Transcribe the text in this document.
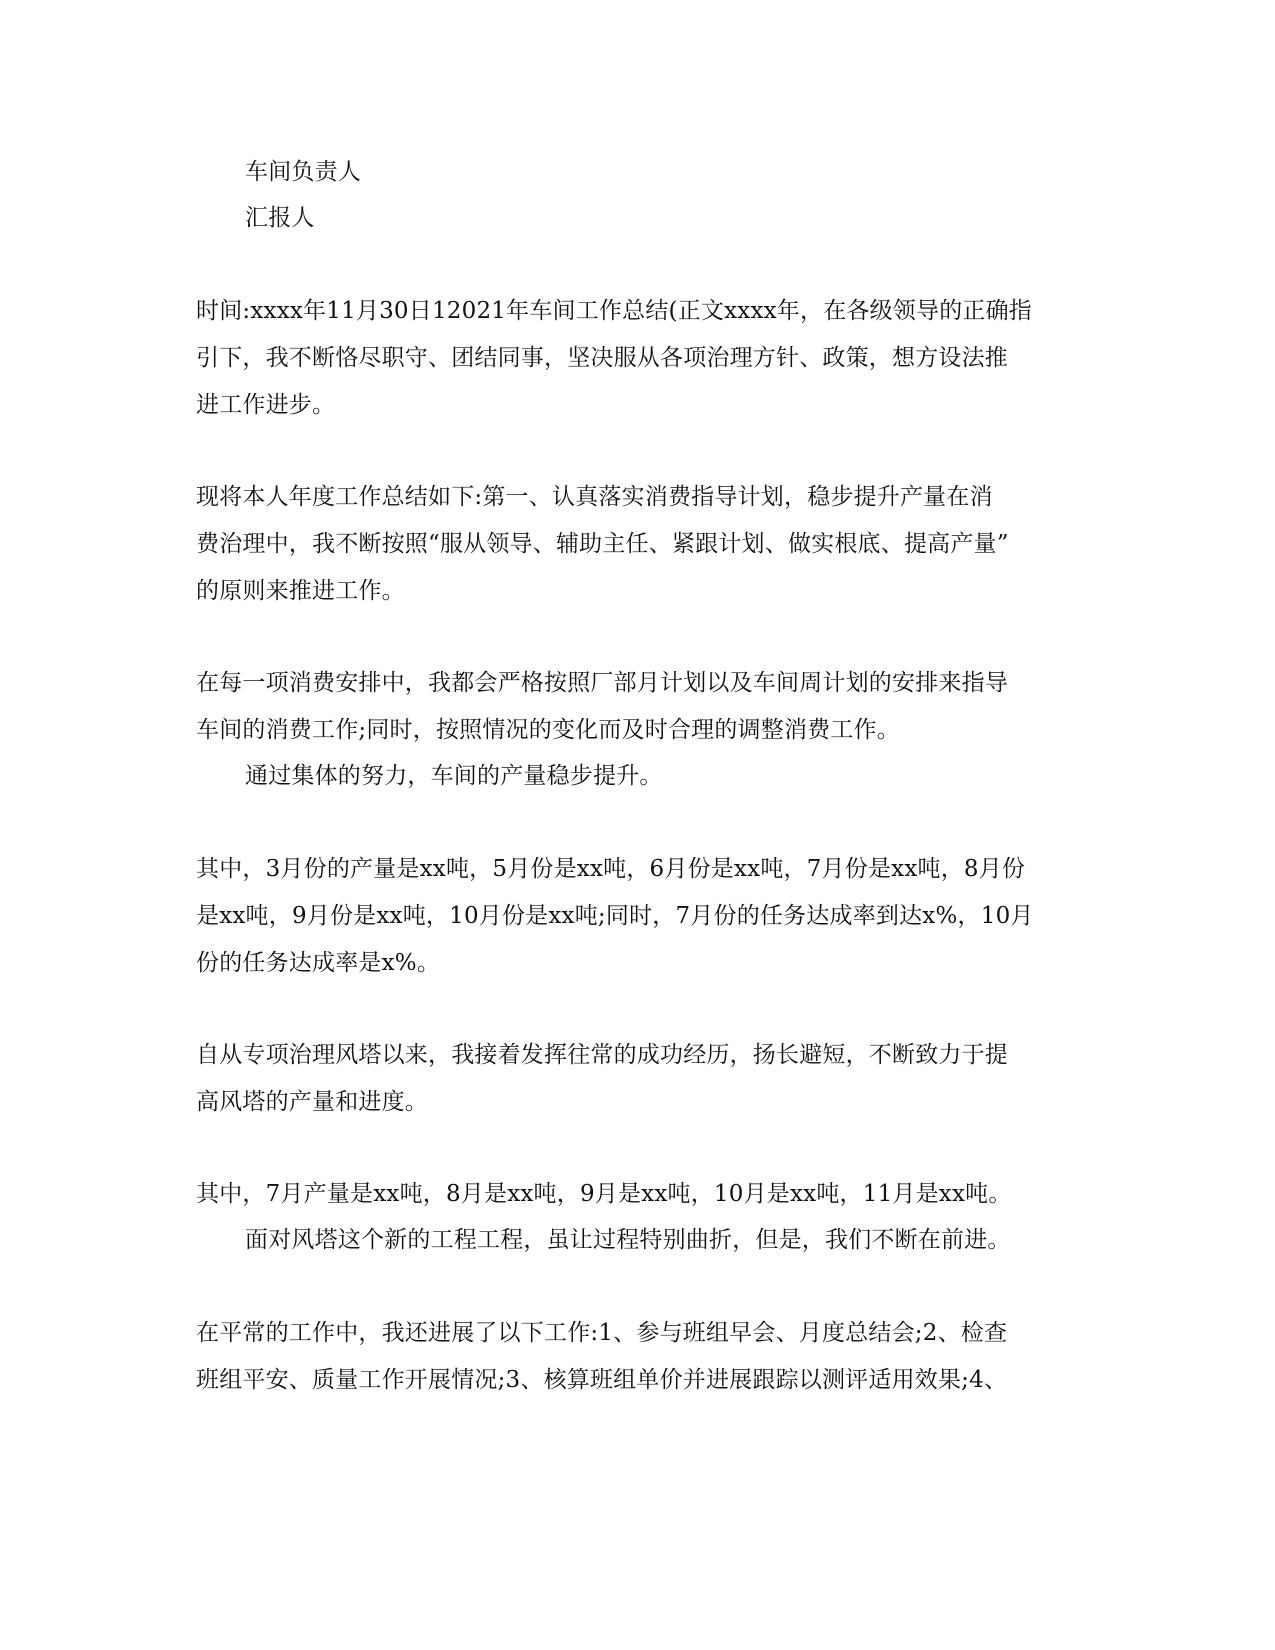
车间负责人
汇报人
时间:xxxx年11月30日12021年车间工作总结(正文xxxx年，在各级领导的正确指
引下，我不断恪尽职守、团结同事，坚决服从各项治理方针、政策，想方设法推
进工作进步。
现将本人年度工作总结如下:第一、认真落实消费指导计划，稳步提升产量在消
费治理中，我不断按照“服从领导、辅助主任、紧跟计划、做实根底、提高产量”
的原则来推进工作。
在每一项消费安排中，我都会严格按照厂部月计划以及车间周计划的安排来指导
车间的消费工作;同时，按照情况的变化而及时合理的调整消费工作。
通过集体的努力，车间的产量稳步提升。
其中，3月份的产量是xx吨，5月份是xx吨，6月份是xx吨，7月份是xx吨，8月份
是xx吨，9月份是xx吨，10月份是xx吨;同时，7月份的任务达成率到达x%，10月
份的任务达成率是x%。
自从专项治理风塔以来，我接着发挥往常的成功经历，扬长避短，不断致力于提
高风塔的产量和进度。
其中，7月产量是xx吨，8月是xx吨，9月是xx吨，10月是xx吨，11月是xx吨。
面对风塔这个新的工程工程，虽让过程特别曲折，但是，我们不断在前进。
在平常的工作中，我还进展了以下工作:1、参与班组早会、月度总结会;2、检查
班组平安、质量工作开展情况;3、核算班组单价并进展跟踪以测评适用效果;4、
